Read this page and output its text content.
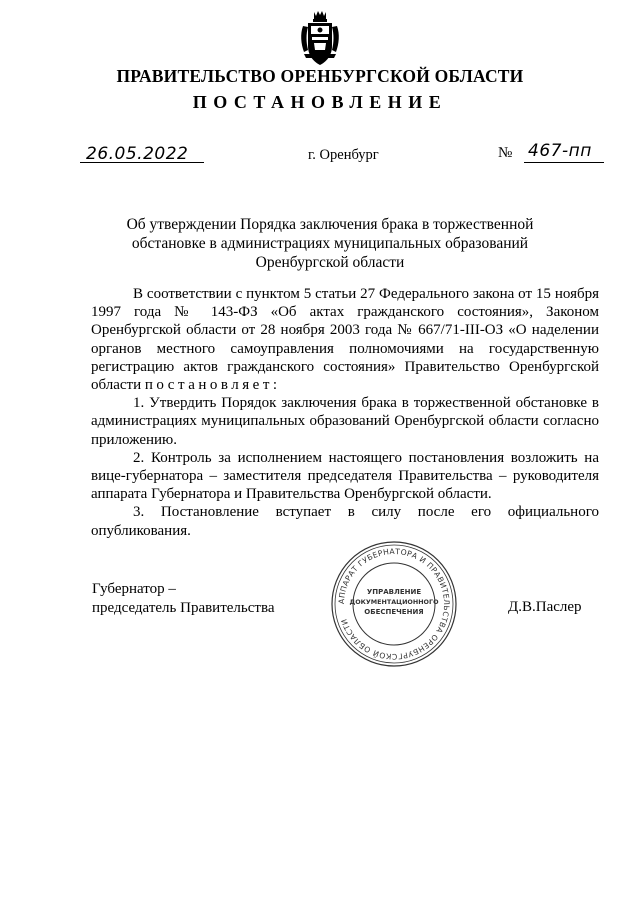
ПРАВИТЕЛЬСТВО ОРЕНБУРГСКОЙ ОБЛАСТИ
ПОСТАНОВЛЕНИЕ
26.05.2022	г. Оренбург	№ 467-пп
Об утверждении Порядка заключения брака в торжественной обстановке в администрациях муниципальных образований Оренбургской области

В соответствии с пунктом 5 статьи 27 Федерального закона от 15 ноября 1997 года № 143-ФЗ «Об актах гражданского состояния», Законом Оренбургской области от 28 ноября 2003 года № 667/71-III-ОЗ «О наделении органов местного самоуправления полномочиями на государственную регистрацию актов гражданского состояния» Правительство Оренбургской области постановляет:

1. Утвердить Порядок заключения брака в торжественной обстановке в администрациях муниципальных образований Оренбургской области согласно приложению.

2. Контроль за исполнением настоящего постановления возложить на вице-губернатора – заместителя председателя Правительства – руководителя аппарата Губернатора и Правительства Оренбургской области.

3. Постановление вступает в силу после его официального опубликования.

Губернатор –
председатель Правительства	Д.В.Паслер
АППАРАТ ГУБЕРНАТОРА И ПРАВИТЕЛЬСТВА ОРЕНБУРГСКОЙ ОБЛАСТИ
УПРАВЛЕНИЕ
ДОКУМЕНТАЦИОННОГО
ОБЕСПЕЧЕНИЯ
